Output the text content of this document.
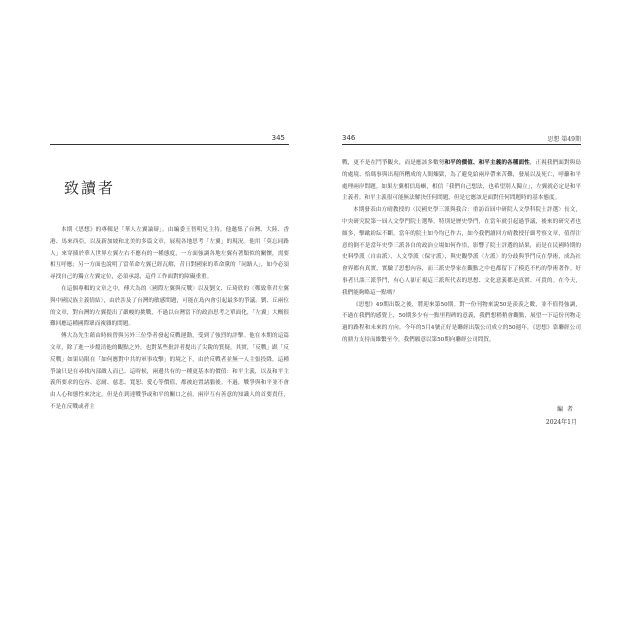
345
致讀者

本期《思想》的專輯是「華人左翼論辯」，由編委王智明兄主持。他邀集了台灣、大陸、香港、馬來西亞，以及新加坡和北美的多篇文章，展現各地思考「左翼」的現況。他用「莫忘同路人」來穿插於華人世界左翼左右不應有的一種態度，一方面強調各地左翼有著類似的關懷，需要相互呼應；另一方面也說明了當革命左翼已經瓦解，昔日對國家的革命黨的「同路人」，如今必須尋找自己的獨立左翼定位，必須承認，這件工作面對的障礙重重。

在這個專輯的文章之中，傅大為的〈國際左翼與反戰〉以及劉文、丘琦欣的〈鄭致華君左翼與中國民族主義情結〉，由於涉及了台灣的敏感問題，可能在島內會引起最多的爭議。劉、丘兩位的文章，對台灣的左翼提出了嚴峻的挑戰，不過以台灣當下的政治思考之單面化，「左翼」大概很難回應這種國際眾而複雜的問題。

傅大為先生藉由時候曾與另外三位學者發起反戰運動，受到了強烈的評擊。他在本期的這篇文章，除了進一步釐清他的觀點之外，也對某些批評者提出了尖銳的質疑。其實，「反戰」跟「反反戰」如果局限在「如何應對中共的軍事攻擊」的境之下，由於反戰者並無一人主張投降，這種爭論只是在尋找內部敵人而已。這時候，兩邊共有的一種更基本的價值：和平主義，以及和平主義所要求的包容、忍耐、慈悲、寬恕、愛心等價值，都被迫置諸腦後。不過，戰爭與和平並不會由人心和態性來決定。但是在到達戰爭或和平的關口之前，兩岸互有善意的知識人的首要責任，不是在反戰或者主

346	思想 第49期

戰，更不是在鬥爭觀火，而是應該多數努和平的價值、和平主義的各種面性，正視我們面對與島的處境、恰瑪事與出現所糟成的人間煉獄，為了避免給兩岸帶來苦難，發展以及死亡，呼籲和平處理兩岸問題。如果左翼相信島嶼，相信「我們自己想法，也希望別人獨立」，左翼就必定是和平主義者。和平主義很可能無法解決任何問題，但是它應該是面對任何問題時的基本態度。

本期發表由方晴教授的〈民國史學三派與我合：重訪首屆中研院人文學科院士評選〉長文，中央研究院第一屆人文學門院士選舉，特別是歷史學門，在當年就引起過爭議，後來的研究者也頗多，擊歐紛紜不斷。當年的院士如今均已作古，如今我們讀回方晴教授仔細考察文章，值得注意的倒不是當年史學三派各自的政治立場如何作祟，影響了院士評選的結果，而是在民國時期的史料學派〈自由派〉、人文學派〈保守派〉，與史觀學派〈左派〉的分歧與爭鬥反在學術，成為社會界都有真實，實驗了思想內容，而三派史學家在觀點之中也都留下了模范不朽的學術著作。好事者只談三派爭鬥，有心人卻正視這三派所代表的思想、文化意義都是真實、可貴的。在今天，我們能夠略這一點嗎？

《思想》49期出版之後，將迎來第50期。對一份刊物來說50是羨羨之數，並不值得強調，不過在我們的感覺上，50期多少有一點里程碑的意義，我們想稍稍會觀點，展望一下這份刊物走過的路程和未來的方向。今年的5月4號正好是聯經出版公司成立的50週年，《思想》靠聯經公司的鼎力支持而維繫至今，我們願意以第50期向聯經公司問賀。

編者
2024年1月
